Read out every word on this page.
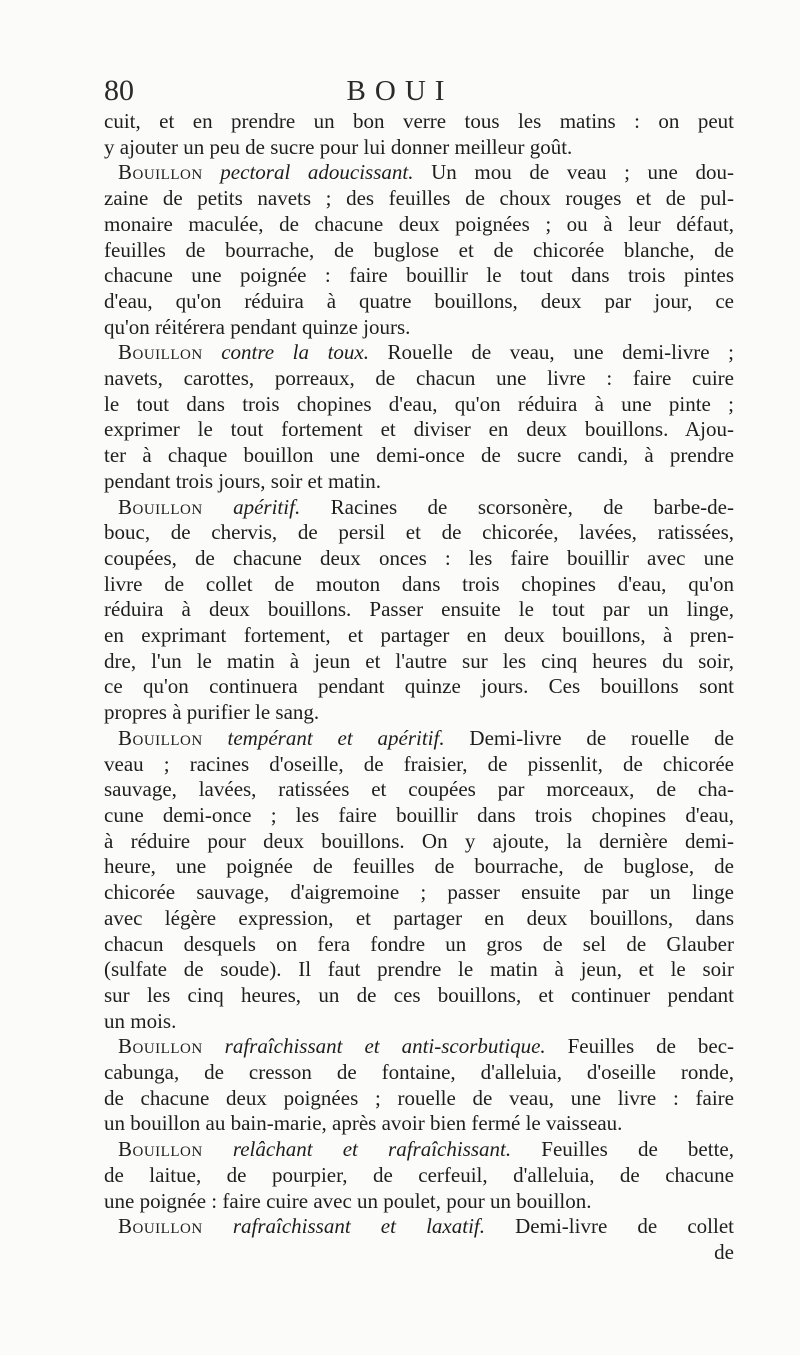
80	BOUI
cuit, et en prendre un bon verre tous les matins : on peut
y ajouter un peu de sucre pour lui donner meilleur goût.
Bouillon pectoral adoucissant. Un mou de veau ; une dou-
zaine de petits navets ; des feuilles de choux rouges et de pul-
monaire maculée, de chacune deux poignées ; ou à leur défaut,
feuilles de bourrache, de buglose et de chicorée blanche, de
chacune une poignée : faire bouillir le tout dans trois pintes
d'eau, qu'on réduira à quatre bouillons, deux par jour, ce
qu'on réitérera pendant quinze jours.
Bouillon contre la toux. Rouelle de veau, une demi-livre ;
navets, carottes, porreaux, de chacun une livre : faire cuire
le tout dans trois chopines d'eau, qu'on réduira à une pinte ;
exprimer le tout fortement et diviser en deux bouillons. Ajou-
ter à chaque bouillon une demi-once de sucre candi, à prendre
pendant trois jours, soir et matin.
Bouillon apéritif. Racines de scorsonère, de barbe-de-
bouc, de chervis, de persil et de chicorée, lavées, ratissées,
coupées, de chacune deux onces : les faire bouillir avec une
livre de collet de mouton dans trois chopines d'eau, qu'on
réduira à deux bouillons. Passer ensuite le tout par un linge,
en exprimant fortement, et partager en deux bouillons, à pren-
dre, l'un le matin à jeun et l'autre sur les cinq heures du soir,
ce qu'on continuera pendant quinze jours. Ces bouillons sont
propres à purifier le sang.
Bouillon tempérant et apéritif. Demi-livre de rouelle de
veau ; racines d'oseille, de fraisier, de pissenlit, de chicorée
sauvage, lavées, ratissées et coupées par morceaux, de cha-
cune demi-once ; les faire bouillir dans trois chopines d'eau,
à réduire pour deux bouillons. On y ajoute, la dernière demi-
heure, une poignée de feuilles de bourrache, de buglose, de
chicorée sauvage, d'aigremoine ; passer ensuite par un linge
avec légère expression, et partager en deux bouillons, dans
chacun desquels on fera fondre un gros de sel de Glauber
(sulfate de soude). Il faut prendre le matin à jeun, et le soir
sur les cinq heures, un de ces bouillons, et continuer pendant
un mois.
Bouillon rafraîchissant et anti-scorbutique. Feuilles de bec-
cabunga, de cresson de fontaine, d'alleluia, d'oseille ronde,
de chacune deux poignées ; rouelle de veau, une livre : faire
un bouillon au bain-marie, après avoir bien fermé le vaisseau.
Bouillon relâchant et rafraîchissant. Feuilles de bette,
de laitue, de pourpier, de cerfeuil, d'alleluia, de chacune
une poignée : faire cuire avec un poulet, pour un bouillon.
Bouillon rafraîchissant et laxatif. Demi-livre de collet
de
